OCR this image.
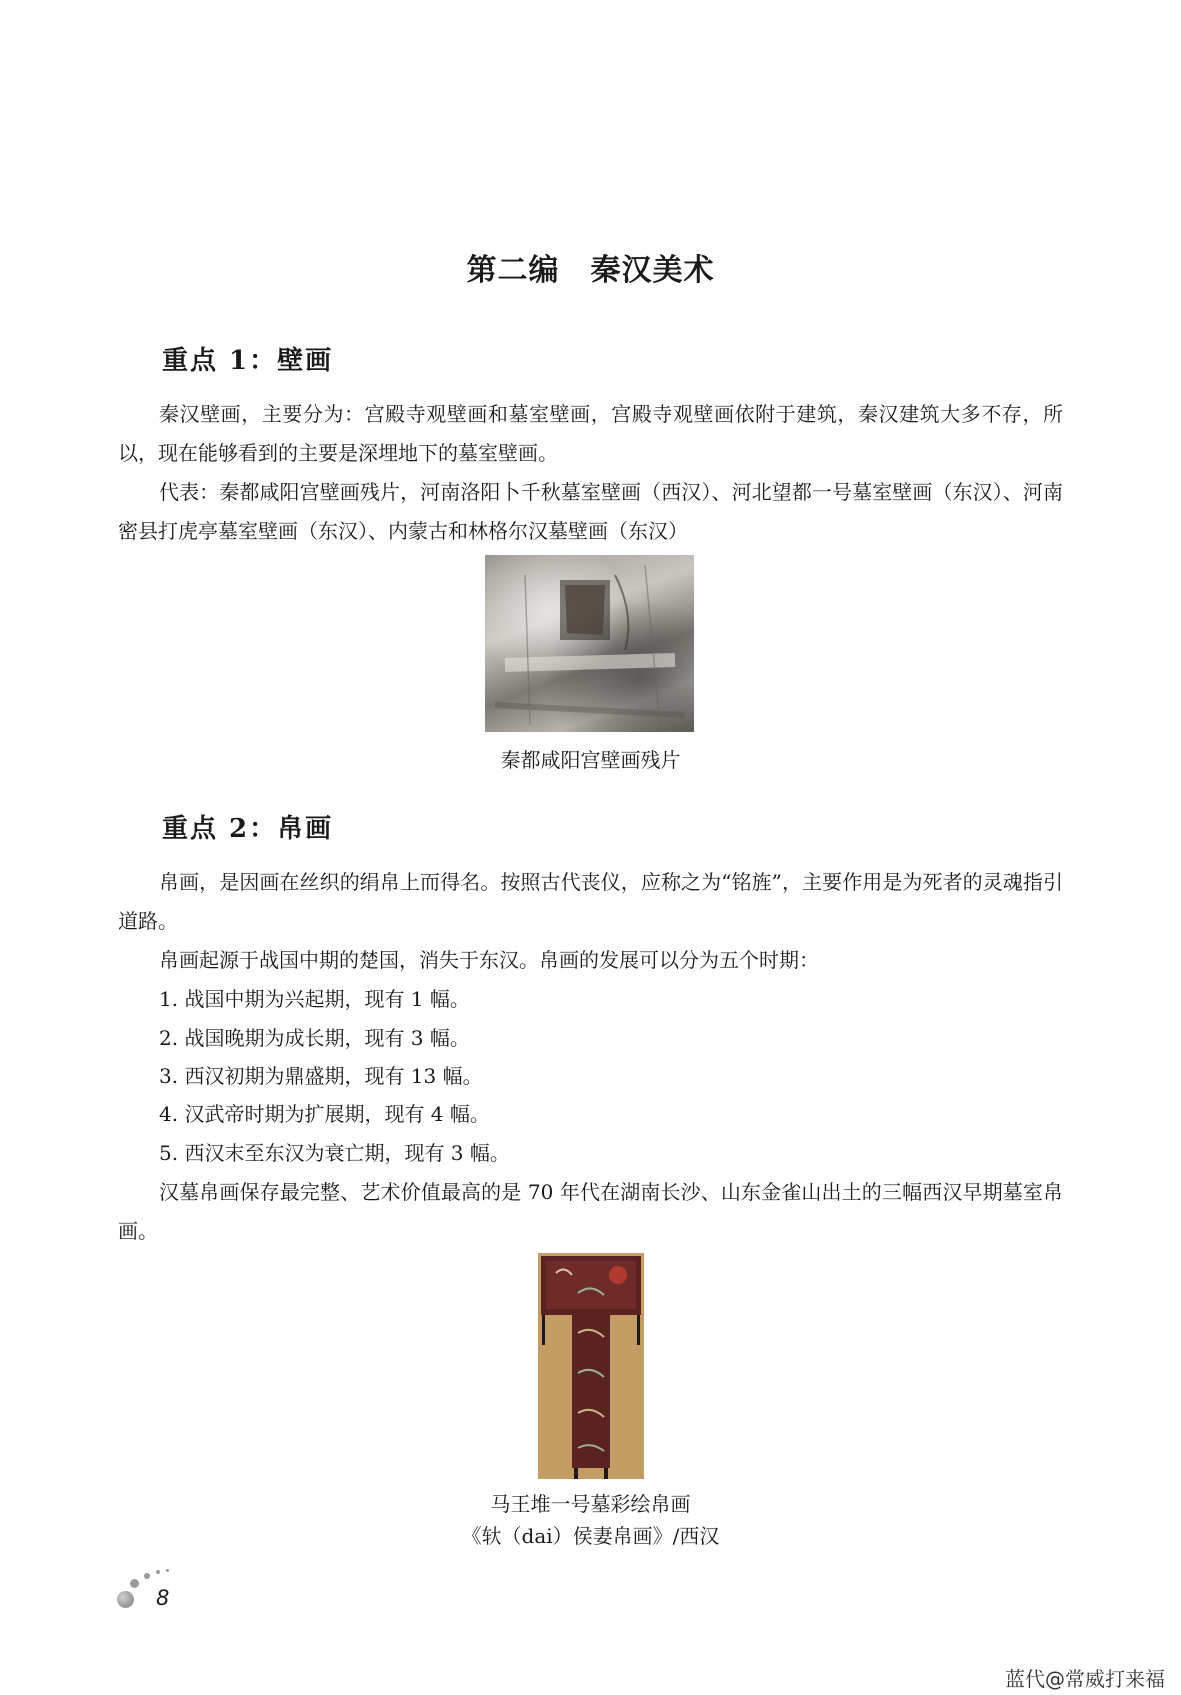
第二编　秦汉美术
重点 1：壁画

秦汉壁画，主要分为：宫殿寺观壁画和墓室壁画，宫殿寺观壁画依附于建筑，秦汉建筑大多不存，所以，现在能够看到的主要是深埋地下的墓室壁画。

代表：秦都咸阳宫壁画残片，河南洛阳卜千秋墓室壁画（西汉）、河北望都一号墓室壁画（东汉）、河南密县打虎亭墓室壁画（东汉）、内蒙古和林格尔汉墓壁画（东汉）

秦都咸阳宫壁画残片
重点 2：帛画

帛画，是因画在丝织的绢帛上而得名。按照古代丧仪，应称之为“铭旌”，主要作用是为死者的灵魂指引道路。

帛画起源于战国中期的楚国，消失于东汉。帛画的发展可以分为五个时期：

1. 战国中期为兴起期，现有 1 幅。
2. 战国晚期为成长期，现有 3 幅。
3. 西汉初期为鼎盛期，现有 13 幅。
4. 汉武帝时期为扩展期，现有 4 幅。
5. 西汉末至东汉为衰亡期，现有 3 幅。

汉墓帛画保存最完整、艺术价值最高的是 70 年代在湖南长沙、山东金雀山出土的三幅西汉早期墓室帛画。

马王堆一号墓彩绘帛画
《轪（dai）侯妻帛画》/西汉
8
蓝代@常威打来福
